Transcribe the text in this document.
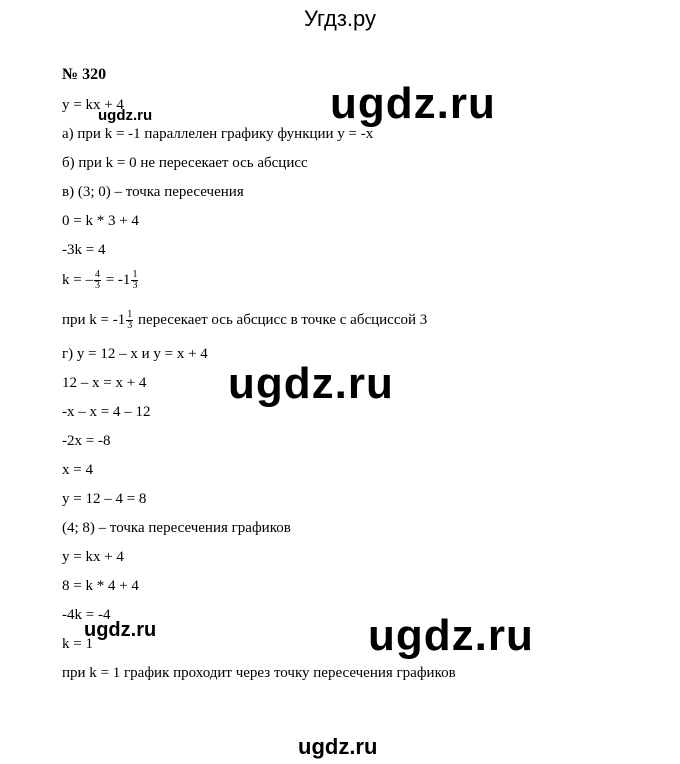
Угдз.ру
№ 320
y = kx + 4
а) при k = -1 параллелен графику функции y = -x
б) при k = 0 не пересекает ось абсцисс
в) (3; 0) – точка пересечения
0 = k * 3 + 4
-3k = 4
k = – $\frac{4}{3} = -1 \frac{1}{3}$
при $k = -1 \frac{1}{3}$ пересекает ось абсцисс в точке с абсциссой 3
г) y = 12 – x и y = x + 4
12 – x = x + 4
-x – x = 4 – 12
-2x = -8
x = 4
y = 12 – 4 = 8
(4; 8) – точка пересечения графиков
y = kx + 4
8 = k * 4 + 4
-4k = -4
k = 1
при k = 1 график проходит через точку пересечения графиков
ugdz.ru
ugdz.ru
ugdz.ru
ugdz.ru	ugdz.ru
ugdz.ru
